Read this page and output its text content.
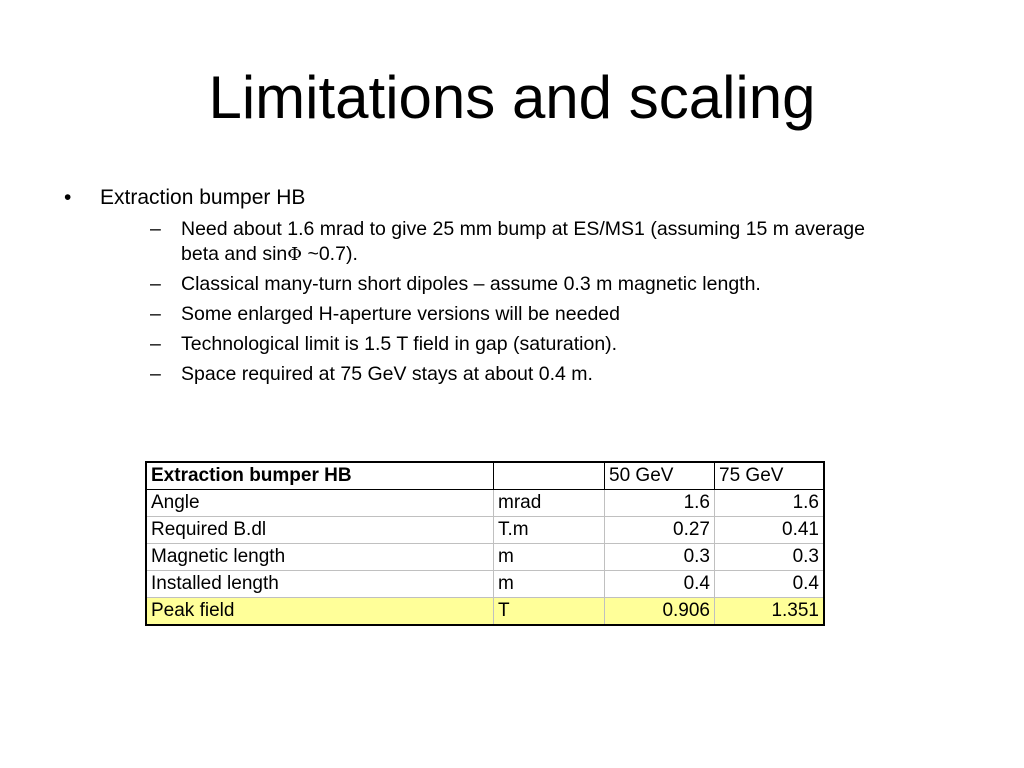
Limitations and scaling
• Extraction bumper HB
– Need about 1.6 mrad to give 25 mm bump at ES/MS1 (assuming 15 m average
beta and sinΦ ~0.7).
– Classical many-turn short dipoles – assume 0.3 m magnetic length.
– Some enlarged H-aperture versions will be needed
– Technological limit is 1.5 T field in gap (saturation).
– Space required at 75 GeV stays at about 0.4 m.
Extraction bumper HB		50 GeV	75 GeV
Angle	mrad	1.6	1.6
Required B.dl	T.m	0.27	0.41
Magnetic length	m	0.3	0.3
Installed length	m	0.4	0.4
Peak field	T	0.906	1.351
